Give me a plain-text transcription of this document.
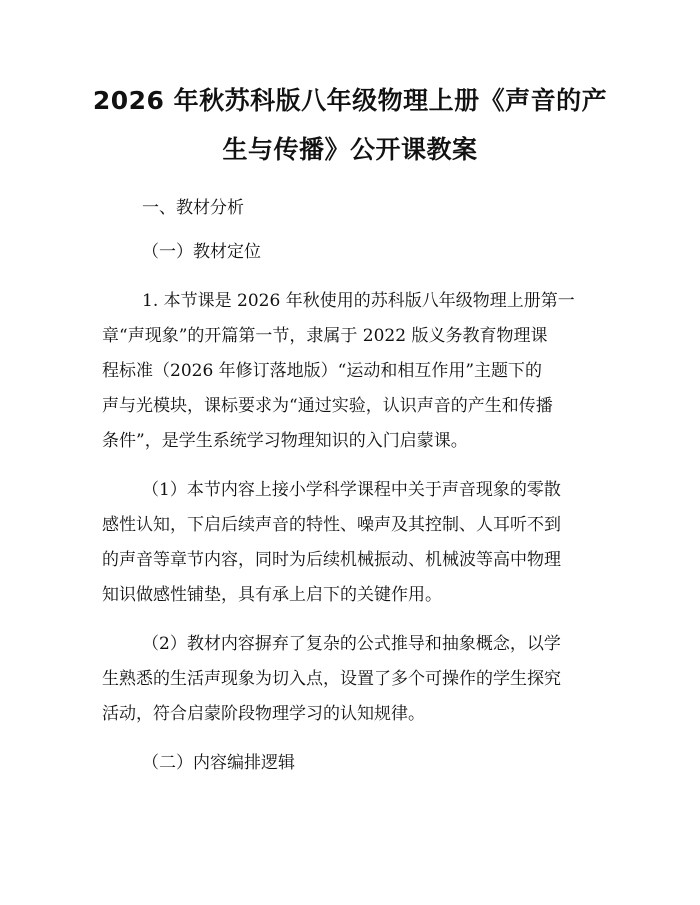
2026 年秋苏科版八年级物理上册《声音的产
生与传播》公开课教案

一、教材分析

（一）教材定位

1. 本节课是 2026 年秋使用的苏科版八年级物理上册第一

章“声现象”的开篇第一节，隶属于 2022 版义务教育物理课

程标准（2026 年修订落地版）“运动和相互作用”主题下的

声与光模块，课标要求为“通过实验，认识声音的产生和传播

条件”，是学生系统学习物理知识的入门启蒙课。

（1）本节内容上接小学科学课程中关于声音现象的零散

感性认知，下启后续声音的特性、噪声及其控制、人耳听不到

的声音等章节内容，同时为后续机械振动、机械波等高中物理

知识做感性铺垫，具有承上启下的关键作用。

（2）教材内容摒弃了复杂的公式推导和抽象概念，以学

生熟悉的生活声现象为切入点，设置了多个可操作的学生探究

活动，符合启蒙阶段物理学习的认知规律。

（二）内容编排逻辑
